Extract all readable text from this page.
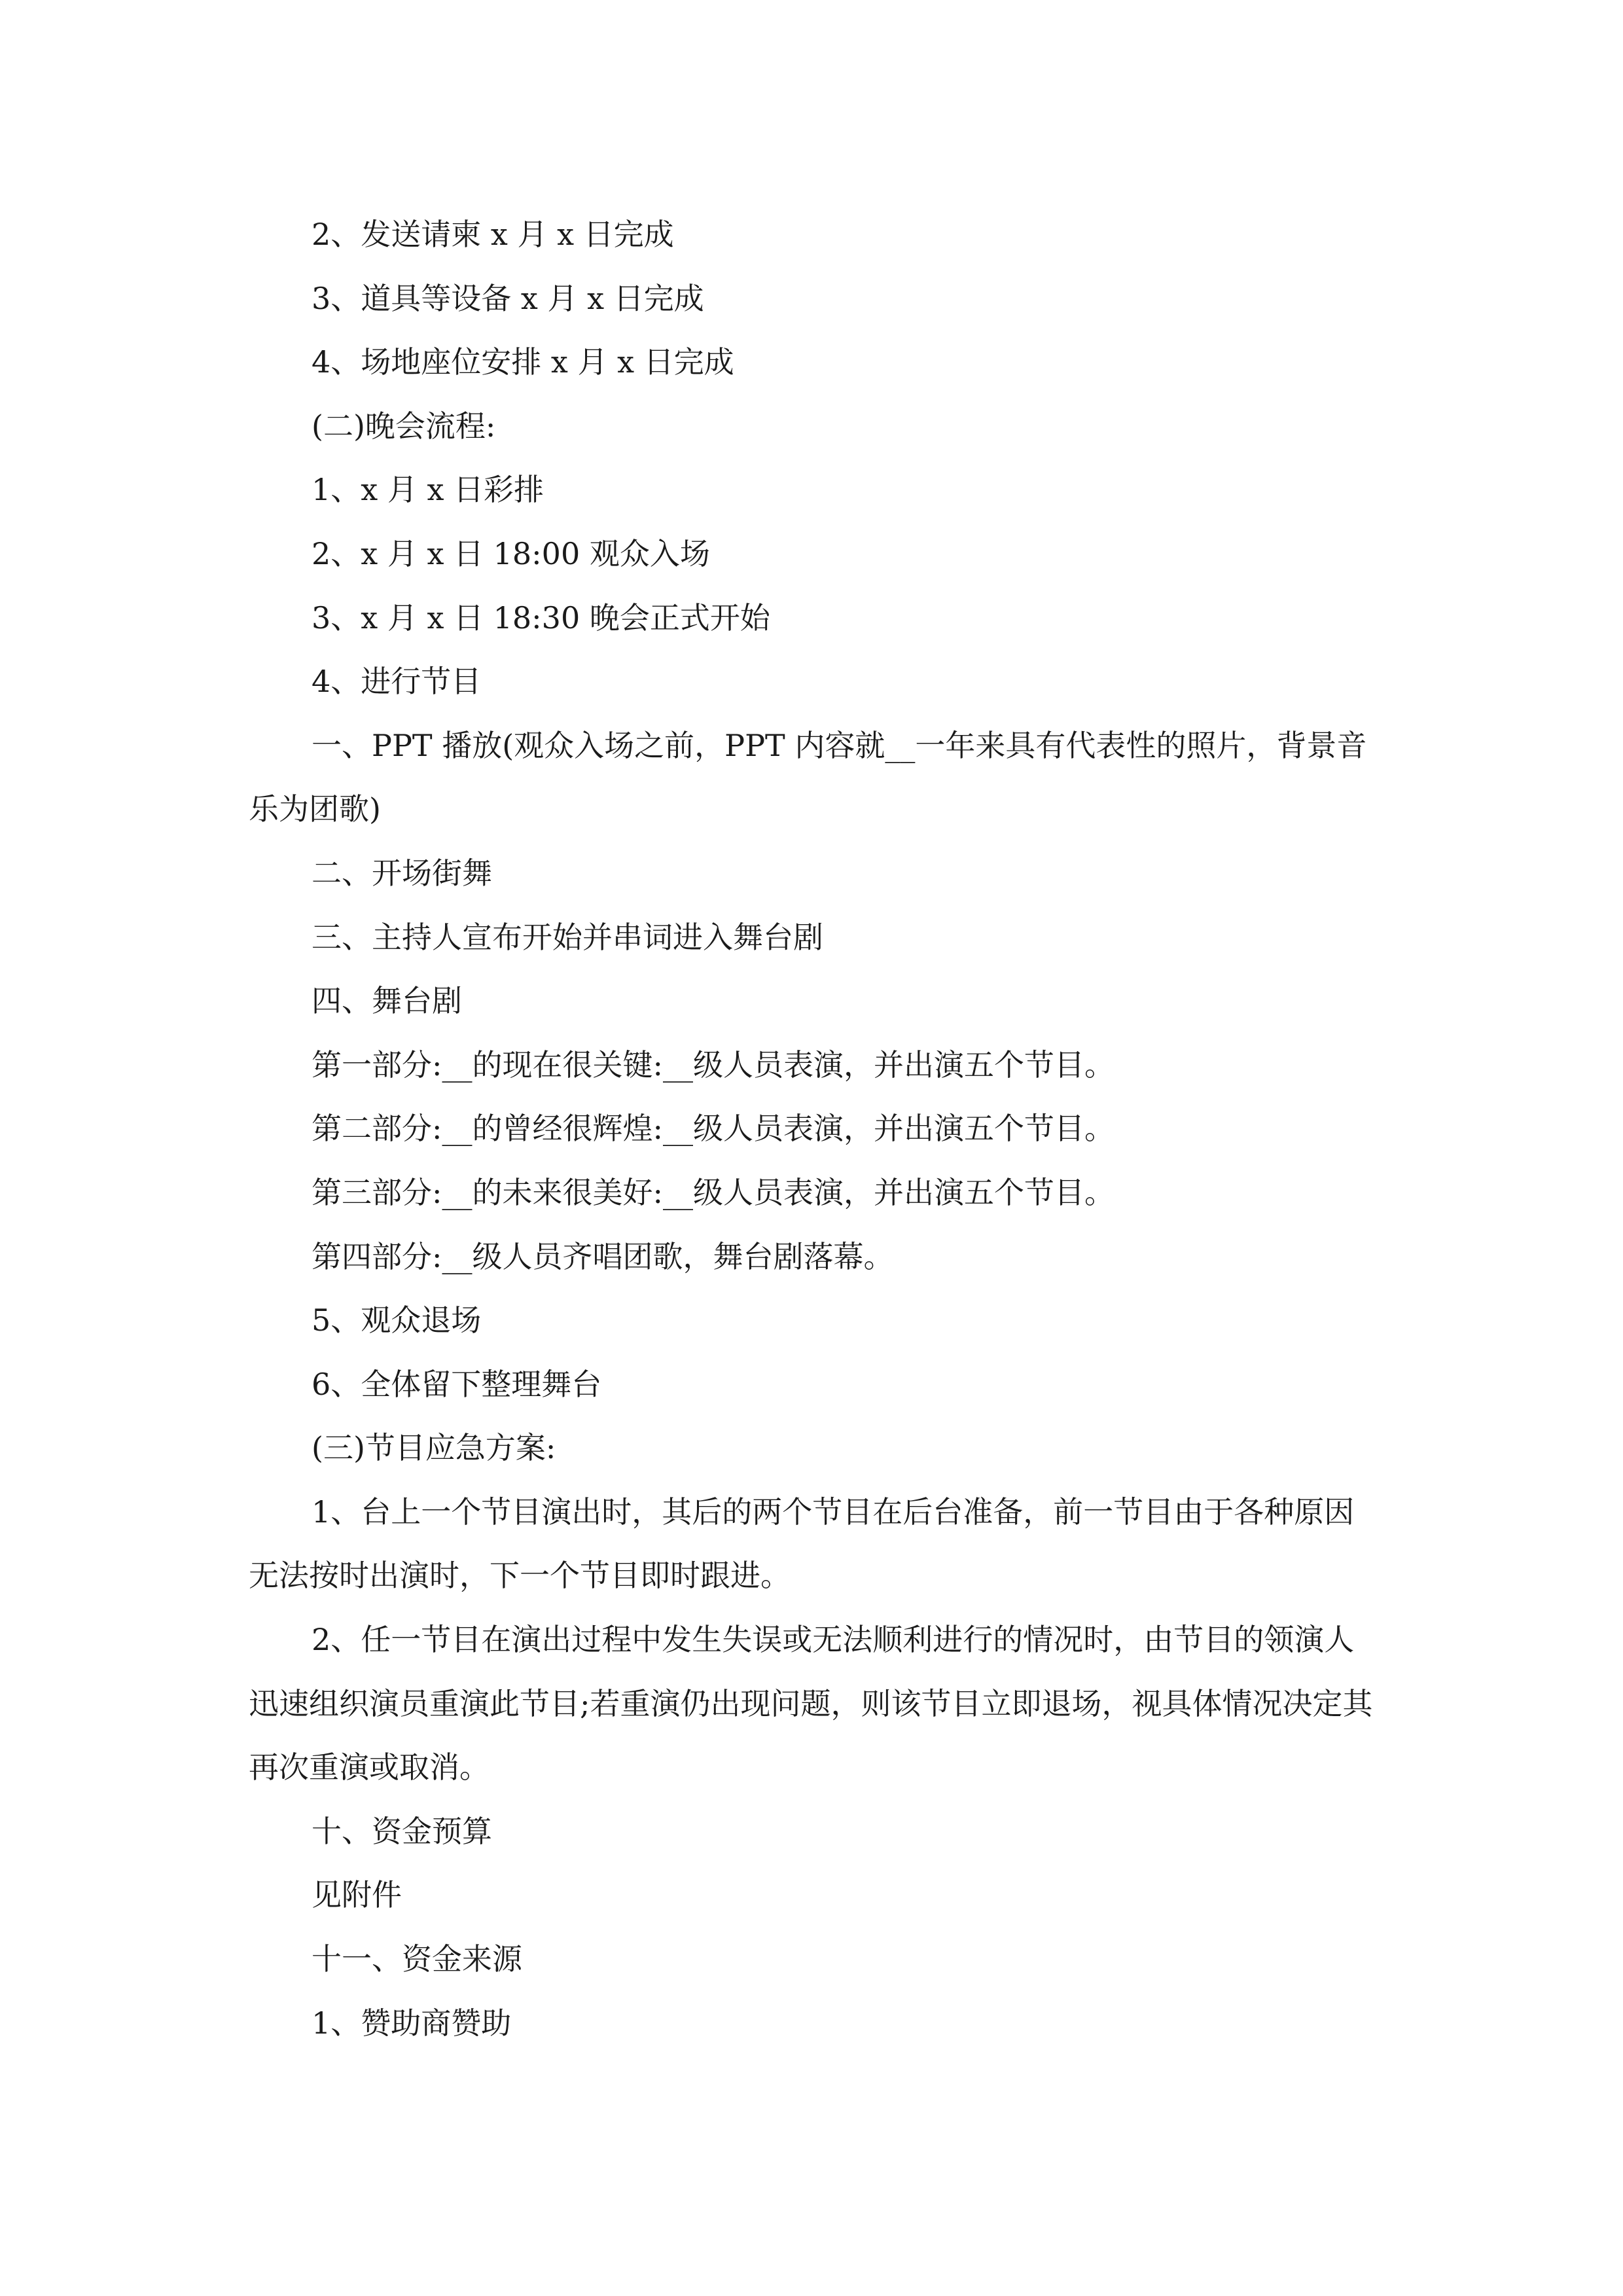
2、发送请柬 x 月 x 日完成

3、道具等设备 x 月 x 日完成

4、场地座位安排 x 月 x 日完成

(二)晚会流程:

1、x 月 x 日彩排

2、x 月 x 日 18:00 观众入场

3、x 月 x 日 18:30 晚会正式开始

4、进行节目

一、PPT 播放(观众入场之前，PPT 内容就__一年来具有代表性的照片，背景音乐为团歌)

二、开场街舞

三、主持人宣布开始并串词进入舞台剧

四、舞台剧

第一部分:__的现在很关键:__级人员表演，并出演五个节目。

第二部分:__的曾经很辉煌:__级人员表演，并出演五个节目。

第三部分:__的未来很美好:__级人员表演，并出演五个节目。

第四部分:__级人员齐唱团歌，舞台剧落幕。

5、观众退场

6、全体留下整理舞台

(三)节目应急方案:

1、台上一个节目演出时，其后的两个节目在后台准备，前一节目由于各种原因无法按时出演时，下一个节目即时跟进。

2、任一节目在演出过程中发生失误或无法顺利进行的情况时，由节目的领演人迅速组织演员重演此节目;若重演仍出现问题，则该节目立即退场，视具体情况决定其再次重演或取消。

十、资金预算

见附件

十一、资金来源

1、赞助商赞助
